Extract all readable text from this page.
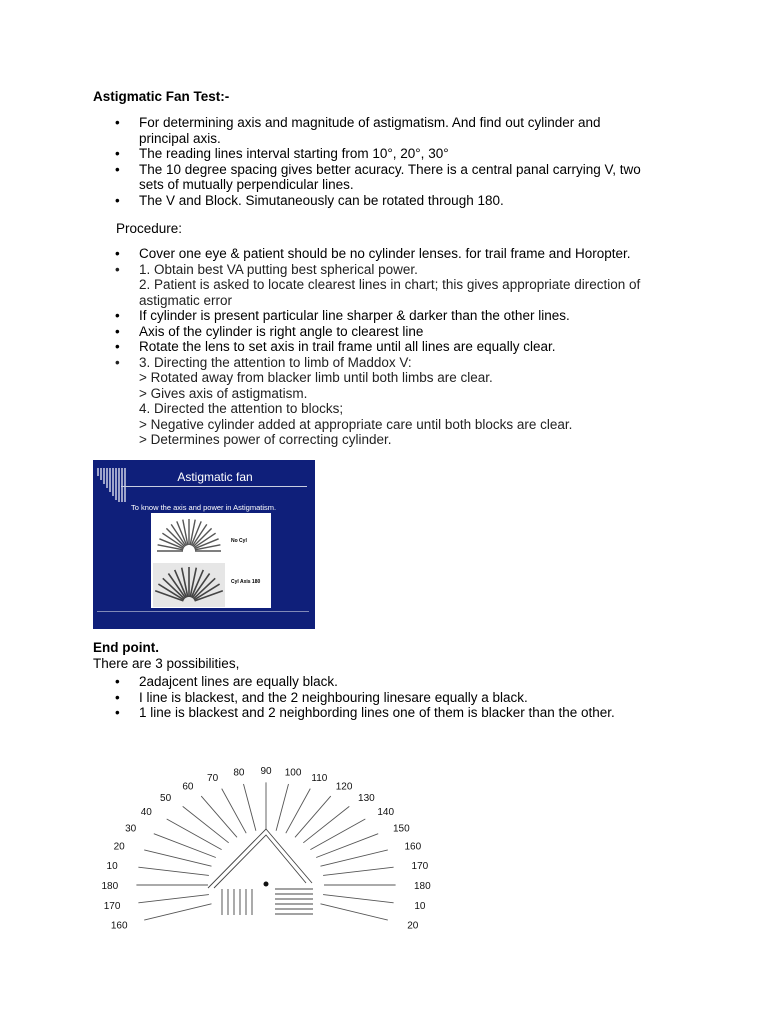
Astigmatic Fan Test:-
• For determining axis and magnitude of astigmatism. And find out cylinder and
principal axis.
• The reading lines interval starting from 10°, 20°, 30°
• The 10 degree spacing gives better acuracy. There is a central panal carrying V, two
sets of mutually perpendicular lines.
• The V and Block. Simutaneously can be rotated through 180.
Procedure:
• Cover one eye & patient should be no cylinder lenses. for trail frame and Horopter.
• 1. Obtain best VA putting best spherical power.
2. Patient is asked to locate clearest lines in chart; this gives appropriate direction of
astigmatic error
• If cylinder is present particular line sharper & darker than the other lines.
• Axis of the cylinder is right angle to clearest line
• Rotate the lens to set axis in trail frame until all lines are equally clear.
• 3. Directing the attention to limb of Maddox V:
> Rotated away from blacker limb until both limbs are clear.
> Gives axis of astigmatism.
4. Directed the attention to blocks;
> Negative cylinder added at appropriate care until both blocks are clear.
> Determines power of correcting cylinder.
Astigmatic fan
To know the axis and power in Astigmatism.
No Cyl
Cyl Axis 180
End point.
There are 3 possibilities,
• 2adajcent lines are equally black.
• I line is blackest, and the 2 neighbouring linesare equally a black.
• 1 line is blackest and 2 neighbording lines one of them is blacker than the other.
160
170
180
10
20
30
40
50
60
70 80 90 100 110
120
130
140
150
160
170
180
10
20
